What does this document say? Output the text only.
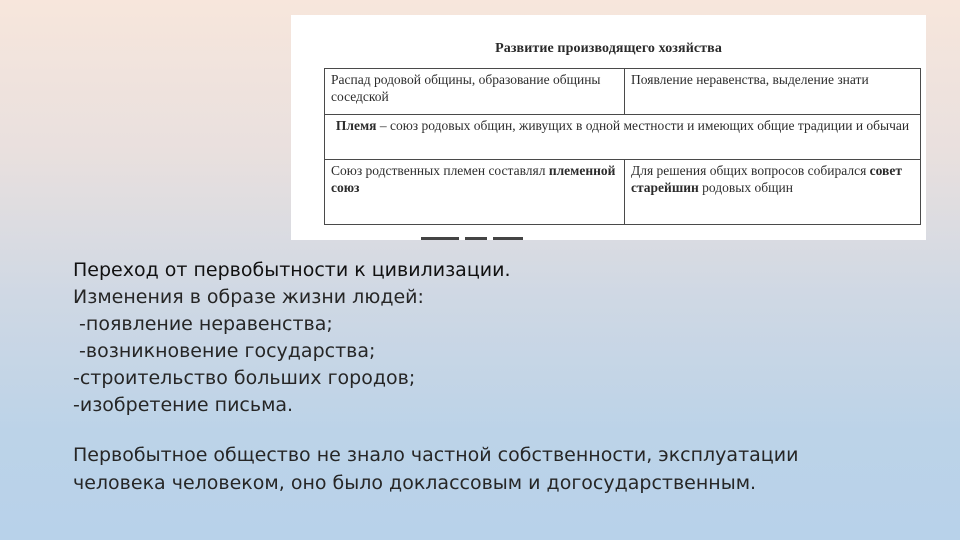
Развитие производящего хозяйства
Распад родовой общины, образование общины соседской
Появление неравенства, выделение знати
Племя – союз родовых общин, живущих в одной местности и имеющих общие традиции и обычаи
Союз родственных племен составлял племенной союз
Для решения общих вопросов собирался совет старейшин родовых общин
Переход от первобытности к цивилизации.
Изменения в образе жизни людей:
-появление неравенства;
-возникновение государства;
-строительство больших городов;
-изобретение письма.
Первобытное общество не знало частной собственности, эксплуатации человека человеком, оно было доклассовым и догосударственным.
